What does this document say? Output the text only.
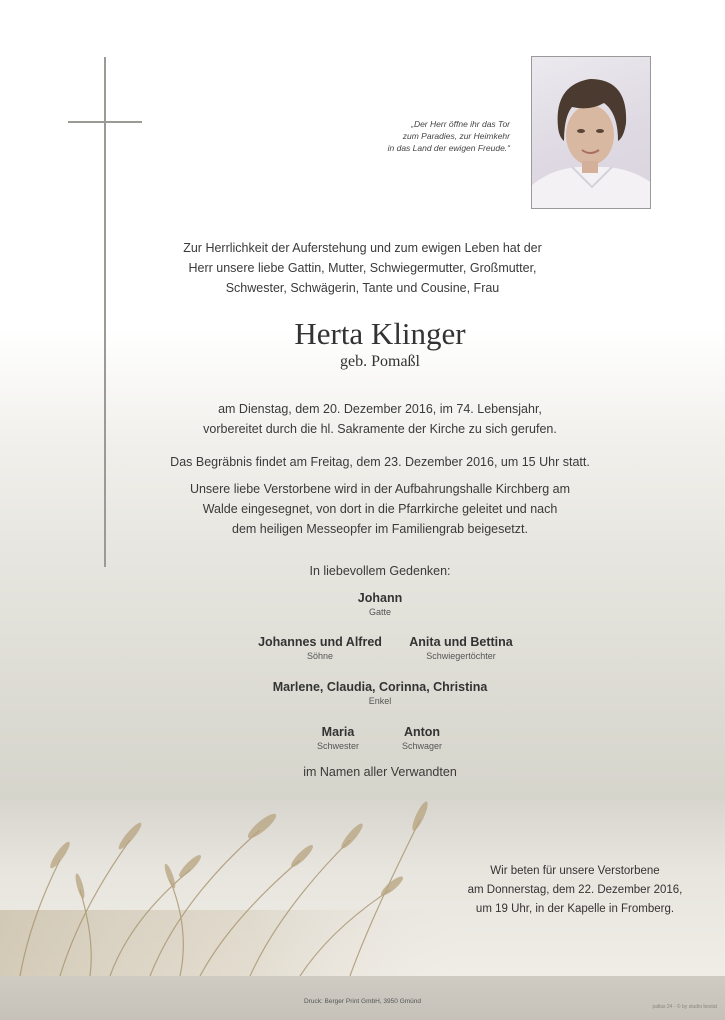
„Der Herr öffne ihr das Tor
zum Paradies, zur Heimkehr
in das Land der ewigen Freude.“
Zur Herrlichkeit der Auferstehung und zum ewigen Leben hat der
Herr unsere liebe Gattin, Mutter, Schwiegermutter, Großmutter,
Schwester, Schwägerin, Tante und Cousine, Frau
Herta Klinger
geb. Pomaßl
am Dienstag, dem 20. Dezember 2016, im 74. Lebensjahr,
vorbereitet durch die hl. Sakramente der Kirche zu sich gerufen.
Das Begräbnis findet am Freitag, dem 23. Dezember 2016, um 15 Uhr statt.
Unsere liebe Verstorbene wird in der Aufbahrungshalle Kirchberg am
Walde eingesegnet, von dort in die Pfarrkirche geleitet und nach
dem heiligen Messeopfer im Familiengrab beigesetzt.
In liebevollem Gedenken:
Johann
Gatte
Johannes und Alfred
Söhne
Anita und Bettina
Schwiegertöchter
Marlene, Claudia, Corinna, Christina
Enkel
Maria
Schwester
Anton
Schwager
im Namen aller Verwandten
Wir beten für unsere Verstorbene
am Donnerstag, dem 22. Dezember 2016,
um 19 Uhr, in der Kapelle in Fromberg.
Druck: Berger Print GmbH, 3950 Gmünd
pallas 24 - © by studio bestat
